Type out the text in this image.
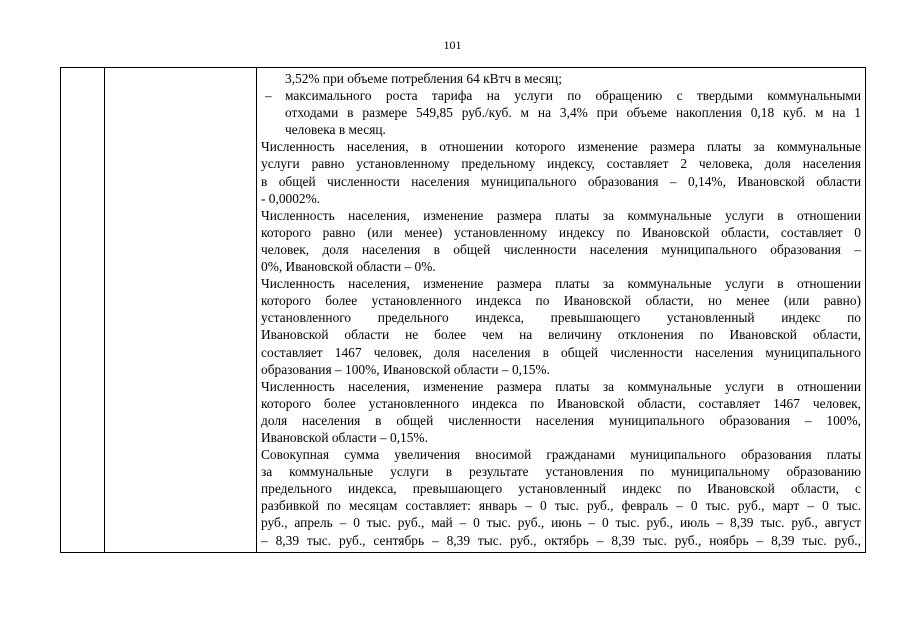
101
3,52% при объеме потребления 64 кВтч в месяц;
– максимального роста тарифа на услуги по обращению с твердыми коммунальными
отходами в размере 549,85 руб./куб. м на 3,4% при объеме накопления 0,18 куб. м на 1
человека в месяц.
Численность населения, в отношении которого изменение размера платы за коммунальные
услуги равно установленному предельному индексу, составляет 2 человека, доля населения
в общей численности населения муниципального образования – 0,14%, Ивановской области
- 0,0002%.
Численность населения, изменение размера платы за коммунальные услуги в отношении
которого равно (или менее) установленному индексу по Ивановской области, составляет 0
человек, доля населения в общей численности населения муниципального образования –
0%, Ивановской области – 0%.
Численность населения, изменение размера платы за коммунальные услуги в отношении
которого более установленного индекса по Ивановской области, но менее (или равно)
установленного предельного индекса, превышающего установленный индекс по
Ивановской области не более чем на величину отклонения по Ивановской области,
составляет 1467 человек, доля населения в общей численности населения муниципального
образования – 100%, Ивановской области – 0,15%.
Численность населения, изменение размера платы за коммунальные услуги в отношении
которого более установленного индекса по Ивановской области, составляет 1467 человек,
доля населения в общей численности населения муниципального образования – 100%,
Ивановской области – 0,15%.
Совокупная сумма увеличения вносимой гражданами муниципального образования платы
за коммунальные услуги в результате установления по муниципальному образованию
предельного индекса, превышающего установленный индекс по Ивановской области, с
разбивкой по месяцам составляет: январь – 0 тыс. руб., февраль – 0 тыс. руб., март – 0 тыс.
руб., апрель – 0 тыс. руб., май – 0 тыс. руб., июнь – 0 тыс. руб., июль – 8,39 тыс. руб., август
– 8,39 тыс. руб., сентябрь – 8,39 тыс. руб., октябрь – 8,39 тыс. руб., ноябрь – 8,39 тыс. руб.,
